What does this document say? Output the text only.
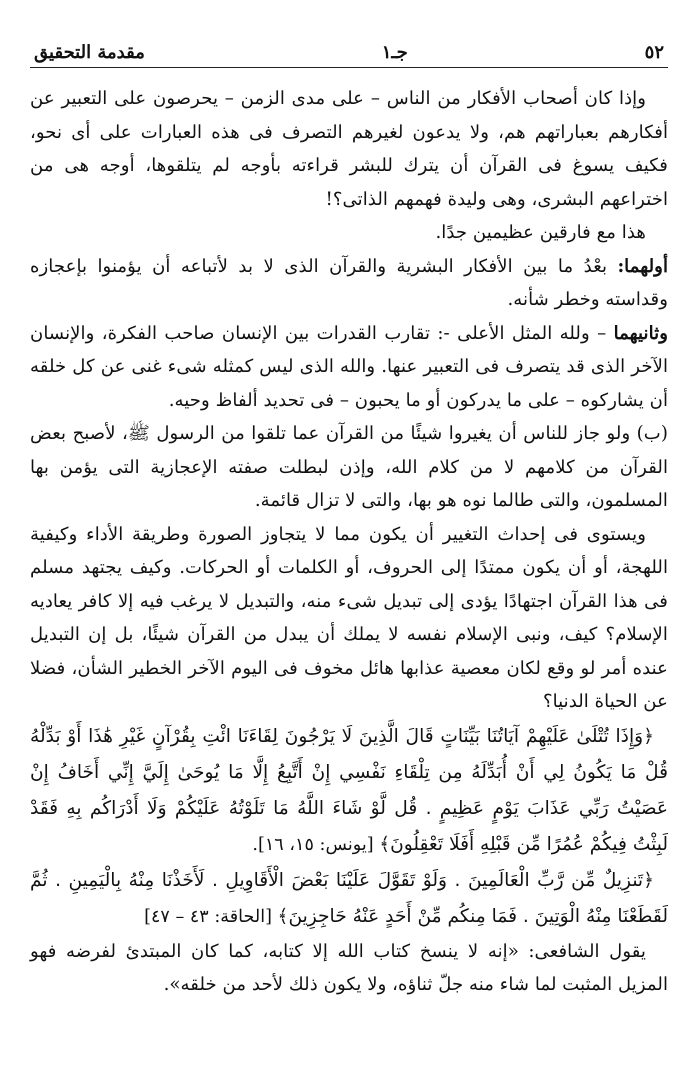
٥٢
جـ١
مقدمة التحقيق

وإذا كان أصحاب الأفكار من الناس – على مدى الزمن – يحرصون على التعبير عن أفكارهم بعباراتهم هم، ولا يدعون لغيرهم التصرف فى هذه العبارات على أى نحو، فكيف يسوغ فى القرآن أن يترك للبشر قراءته بأوجه لم يتلقوها، أوجه هى من اختراعهم البشرى، وهى وليدة فهمهم الذاتى؟!

هذا مع فارقين عظيمين جدًا.

أولهما: بعْدُ ما بين الأفكار البشرية والقرآن الذى لا بد لأتباعه أن يؤمنوا بإعجازه وقداسته وخطر شأنه.

وثانيهما – ولله المثل الأعلى -: تقارب القدرات بين الإنسان صاحب الفكرة، والإنسان الآخر الذى قد يتصرف فى التعبير عنها. والله الذى ليس كمثله شىء غنى عن كل خلقه أن يشاركوه – على ما يدركون أو ما يحبون – فى تحديد ألفاظ وحيه.

(ب) ولو جاز للناس أن يغيروا شيئًا من القرآن عما تلقوا من الرسول ﷺ، لأصبح بعض القرآن من كلامهم لا من كلام الله، وإذن لبطلت صفته الإعجازية التى يؤمن بها المسلمون، والتى طالما نوه هو بها، والتى لا تزال قائمة.

ويستوى فى إحداث التغيير أن يكون مما لا يتجاوز الصورة وطريقة الأداء وكيفية اللهجة، أو أن يكون ممتدًا إلى الحروف، أو الكلمات أو الحركات. وكيف يجتهد مسلم فى هذا القرآن اجتهادًا يؤدى إلى تبديل شىء منه، والتبديل لا يرغب فيه إلا كافر يعاديه الإسلام؟ كيف، ونبى الإسلام نفسه لا يملك أن يبدل من القرآن شيئًا، بل إن التبديل عنده أمر لو وقع لكان معصية عذابها هائل مخوف فى اليوم الآخر الخطير الشأن، فضلا عن الحياة الدنيا؟

﴿وَإِذَا تُتْلَىٰ عَلَيْهِمْ آيَاتُنَا بَيِّنَاتٍ قَالَ الَّذِينَ لَا يَرْجُونَ لِقَاءَنَا ائْتِ بِقُرْآنٍ غَيْرِ هَٰذَا أَوْ بَدِّلْهُ قُلْ مَا يَكُونُ لِي أَنْ أُبَدِّلَهُ مِن تِلْقَاءِ نَفْسِي إِنْ أَتَّبِعُ إِلَّا مَا يُوحَىٰ إِلَيَّ إِنِّي أَخَافُ إِنْ عَصَيْتُ رَبِّي عَذَابَ يَوْمٍ عَظِيمٍ . قُل لَّوْ شَاءَ اللَّهُ مَا تَلَوْتُهُ عَلَيْكُمْ وَلَا أَدْرَاكُم بِهِ فَقَدْ لَبِثْتُ فِيكُمْ عُمُرًا مِّن قَبْلِهِ أَفَلَا تَعْقِلُونَ﴾ [يونس: ١٥، ١٦].

﴿تَنزِيلٌ مِّن رَّبِّ الْعَالَمِينَ . وَلَوْ تَقَوَّلَ عَلَيْنَا بَعْضَ الْأَقَاوِيلِ . لَأَخَذْنَا مِنْهُ بِالْيَمِينِ . ثُمَّ لَقَطَعْنَا مِنْهُ الْوَتِينَ . فَمَا مِنكُم مِّنْ أَحَدٍ عَنْهُ حَاجِزِينَ﴾ [الحاقة: ٤٣ – ٤٧]

يقول الشافعى: «إنه لا ينسخ كتاب الله إلا كتابه، كما كان المبتدئ لفرضه فهو المزيل المثبت لما شاء منه جلّ ثناؤه، ولا يكون ذلك لأحد من خلقه».
